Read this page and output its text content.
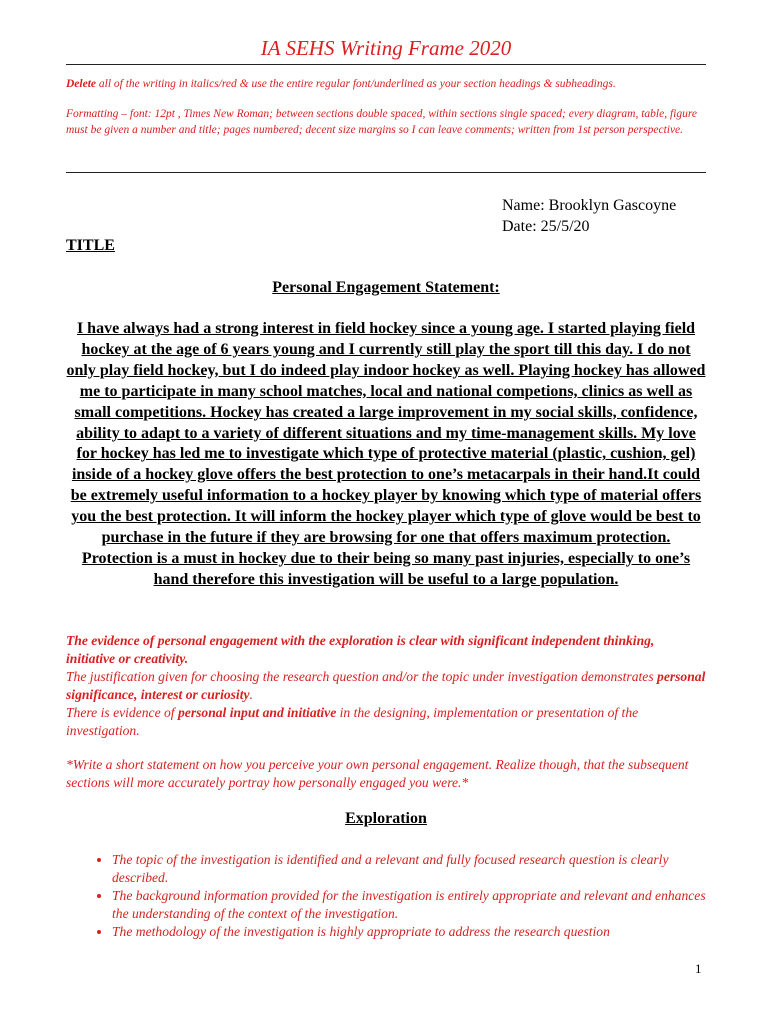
IA SEHS Writing Frame 2020
Delete all of the writing in italics/red & use the entire regular font/underlined as your section headings & subheadings.
Formatting – font: 12pt , Times New Roman; between sections double spaced, within sections single spaced; every diagram, table, figure must be given a number and title; pages numbered; decent size margins so I can leave comments; written from 1st person perspective.
Name: Brooklyn Gascoyne
Date: 25/5/20
TITLE
Personal Engagement Statement:
I have always had a strong interest in field hockey since a young age. I started playing field hockey at the age of 6 years young and I currently still play the sport till this day. I do not only play field hockey, but I do indeed play indoor hockey as well. Playing hockey has allowed me to participate in many school matches, local and national competions, clinics as well as small competitions. Hockey has created a large improvement in my social skills, confidence, ability to adapt to a variety of different situations and my time-management skills. My love for hockey has led me to investigate which type of protective material (plastic, cushion, gel) inside of a hockey glove offers the best protection to one’s metacarpals in their hand.It could be extremely useful information to a hockey player by knowing which type of material offers you the best protection. It will inform the hockey player which type of glove would be best to purchase in the future if they are browsing for one that offers maximum protection. Protection is a must in hockey due to their being so many past injuries, especially to one’s hand therefore this investigation will be useful to a large population.

The evidence of personal engagement with the exploration is clear with significant independent thinking, initiative or creativity.

The justification given for choosing the research question and/or the topic under investigation demonstrates personal significance, interest or curiosity.

There is evidence of personal input and initiative in the designing, implementation or presentation of the investigation.

*Write a short statement on how you perceive your own personal engagement. Realize though, that the subsequent sections will more accurately portray how personally engaged you were.*
Exploration
• The topic of the investigation is identified and a relevant and fully focused research question is clearly described.
• The background information provided for the investigation is entirely appropriate and relevant and enhances the understanding of the context of the investigation.
• The methodology of the investigation is highly appropriate to address the research question
1
